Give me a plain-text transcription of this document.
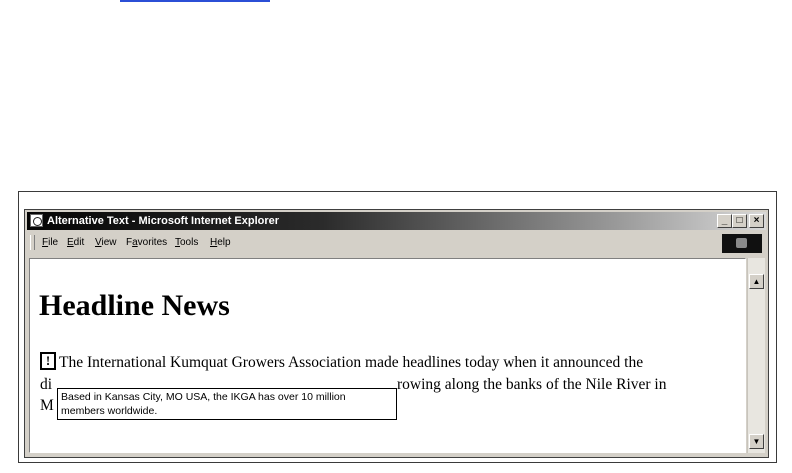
Alternative Text - Microsoft Internet Explorer	_ □	×
File Edit View Favorites Tools Help
Headline News
! The International Kumquat Growers Association made headlines today when it announced the
di	rowing along the banks of the Nile River in
M Based in Kansas City, MO USA, the IKGA has over 10 million
members worldwide.
▲
▼
